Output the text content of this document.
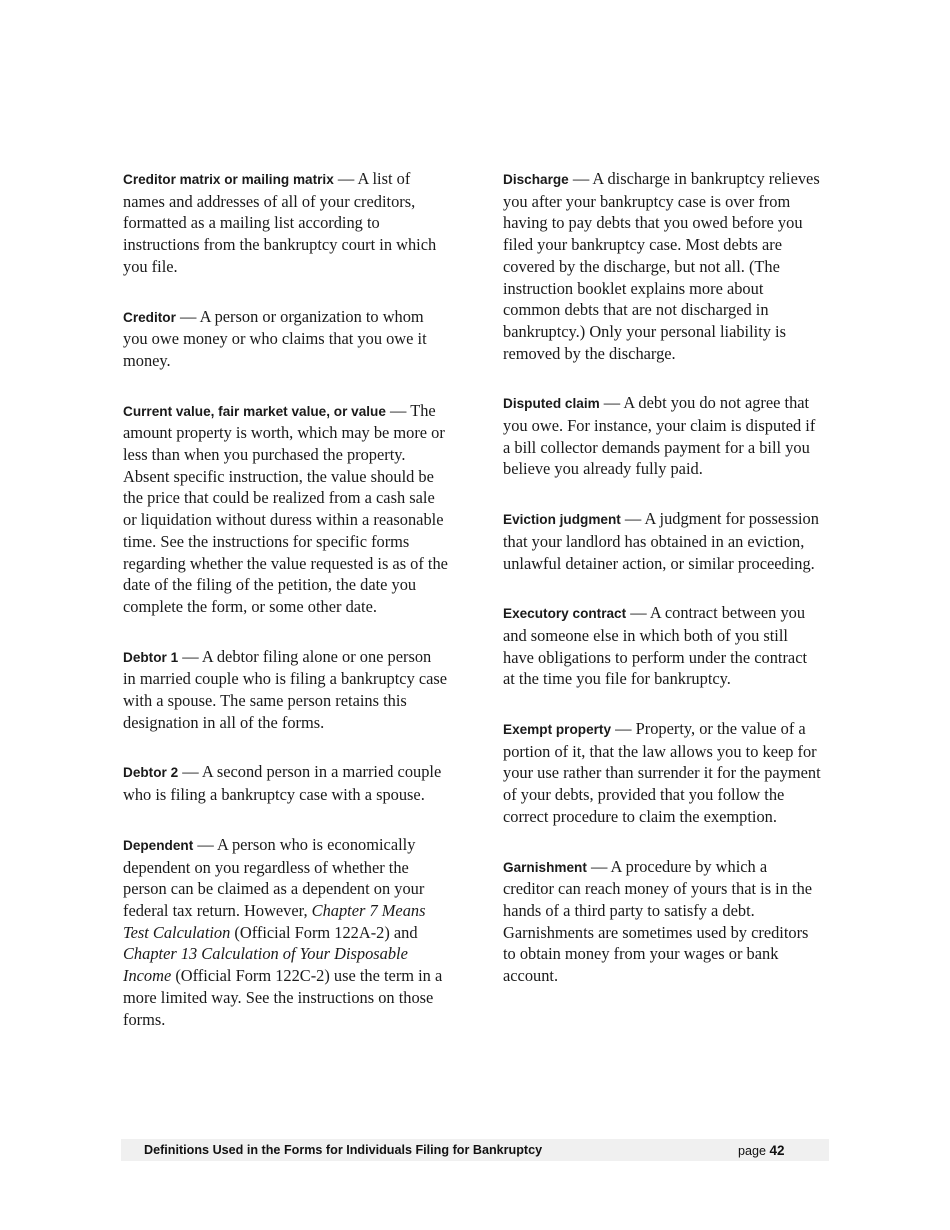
Creditor matrix or mailing matrix — A list of names and addresses of all of your creditors, formatted as a mailing list according to instructions from the bankruptcy court in which you file.

Creditor — A person or organization to whom you owe money or who claims that you owe it money.

Current value, fair market value, or value — The amount property is worth, which may be more or less than when you purchased the property. Absent specific instruction, the value should be the price that could be realized from a cash sale or liquidation without duress within a reasonable time. See the instructions for specific forms regarding whether the value requested is as of the date of the filing of the petition, the date you complete the form, or some other date.

Debtor 1 — A debtor filing alone or one person in married couple who is filing a bankruptcy case with a spouse. The same person retains this designation in all of the forms.

Debtor 2 — A second person in a married couple who is filing a bankruptcy case with a spouse.

Dependent — A person who is economically dependent on you regardless of whether the person can be claimed as a dependent on your federal tax return. However, Chapter 7 Means Test Calculation (Official Form 122A-2) and Chapter 13 Calculation of Your Disposable Income (Official Form 122C-2) use the term in a more limited way. See the instructions on those forms.

Discharge — A discharge in bankruptcy relieves you after your bankruptcy case is over from having to pay debts that you owed before you filed your bankruptcy case. Most debts are covered by the discharge, but not all. (The instruction booklet explains more about common debts that are not discharged in bankruptcy.) Only your personal liability is removed by the discharge.

Disputed claim — A debt you do not agree that you owe. For instance, your claim is disputed if a bill collector demands payment for a bill you believe you already fully paid.

Eviction judgment — A judgment for possession that your landlord has obtained in an eviction, unlawful detainer action, or similar proceeding.

Executory contract — A contract between you and someone else in which both of you still have obligations to perform under the contract at the time you file for bankruptcy.

Exempt property — Property, or the value of a portion of it, that the law allows you to keep for your use rather than surrender it for the payment of your debts, provided that you follow the correct procedure to claim the exemption.

Garnishment — A procedure by which a creditor can reach money of yours that is in the hands of a third party to satisfy a debt. Garnishments are sometimes used by creditors to obtain money from your wages or bank account.

Definitions Used in the Forms for Individuals Filing for Bankruptcy	page 42
